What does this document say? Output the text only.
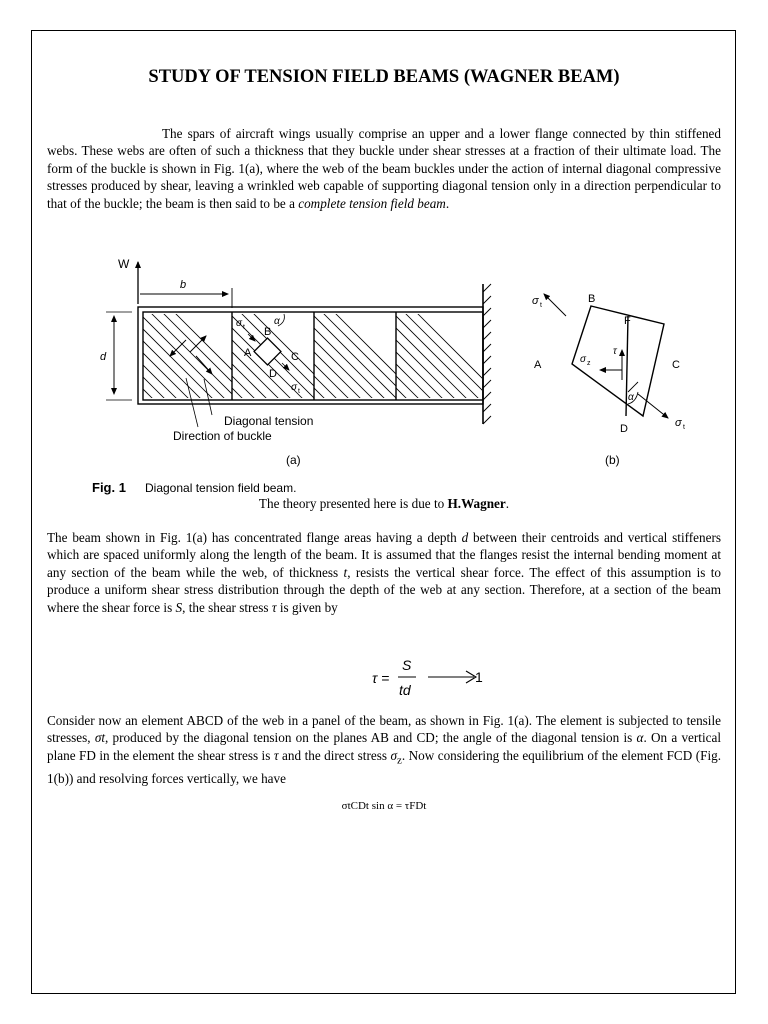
STUDY OF TENSION FIELD BEAMS (WAGNER BEAM)

The spars of aircraft wings usually comprise an upper and a lower flange connected by thin stiffened webs. These webs are often of such a thickness that they buckle under shear stresses at a fraction of their ultimate load. The form of the buckle is shown in Fig. 1(a), where the web of the beam buckles under the action of internal diagonal compressive stresses produced by shear, leaving a wrinkled web capable of supporting diagonal tension only in a direction perpendicular to that of the buckle; the beam is then said to be a complete tension field beam.

W
b
d	A
B
C
D
α
σ t
σ t
Diagonal tension
Direction of buckle
(a)
B
F
A	C
D
σ t
σ t
σ z
τ
α
(b)
Fig. 1 Diagonal tension field beam.

The theory presented here is due to H.Wagner.

The beam shown in Fig. 1(a) has concentrated flange areas having a depth d between their centroids and vertical stiffeners which are spaced uniformly along the length of the beam. It is assumed that the flanges resist the internal bending moment at any section of the beam while the web, of thickness t, resists the vertical shear force. The effect of this assumption is to produce a uniform shear stress distribution through the depth of the web at any section. Therefore, at a section of the beam where the shear force is S, the shear stress τ is given by

τ =
S
td
1

Consider now an element ABCD of the web in a panel of the beam, as shown in Fig. 1(a). The element is subjected to tensile stresses, σt, produced by the diagonal tension on the planes AB and CD; the angle of the diagonal tension is α. On a vertical plane FD in the element the shear stress is τ and the direct stress $\sigma_z$. Now considering the equilibrium of the element FCD (Fig. 1(b)) and resolving forces vertically, we have

σtCDt sin α = τFDt
